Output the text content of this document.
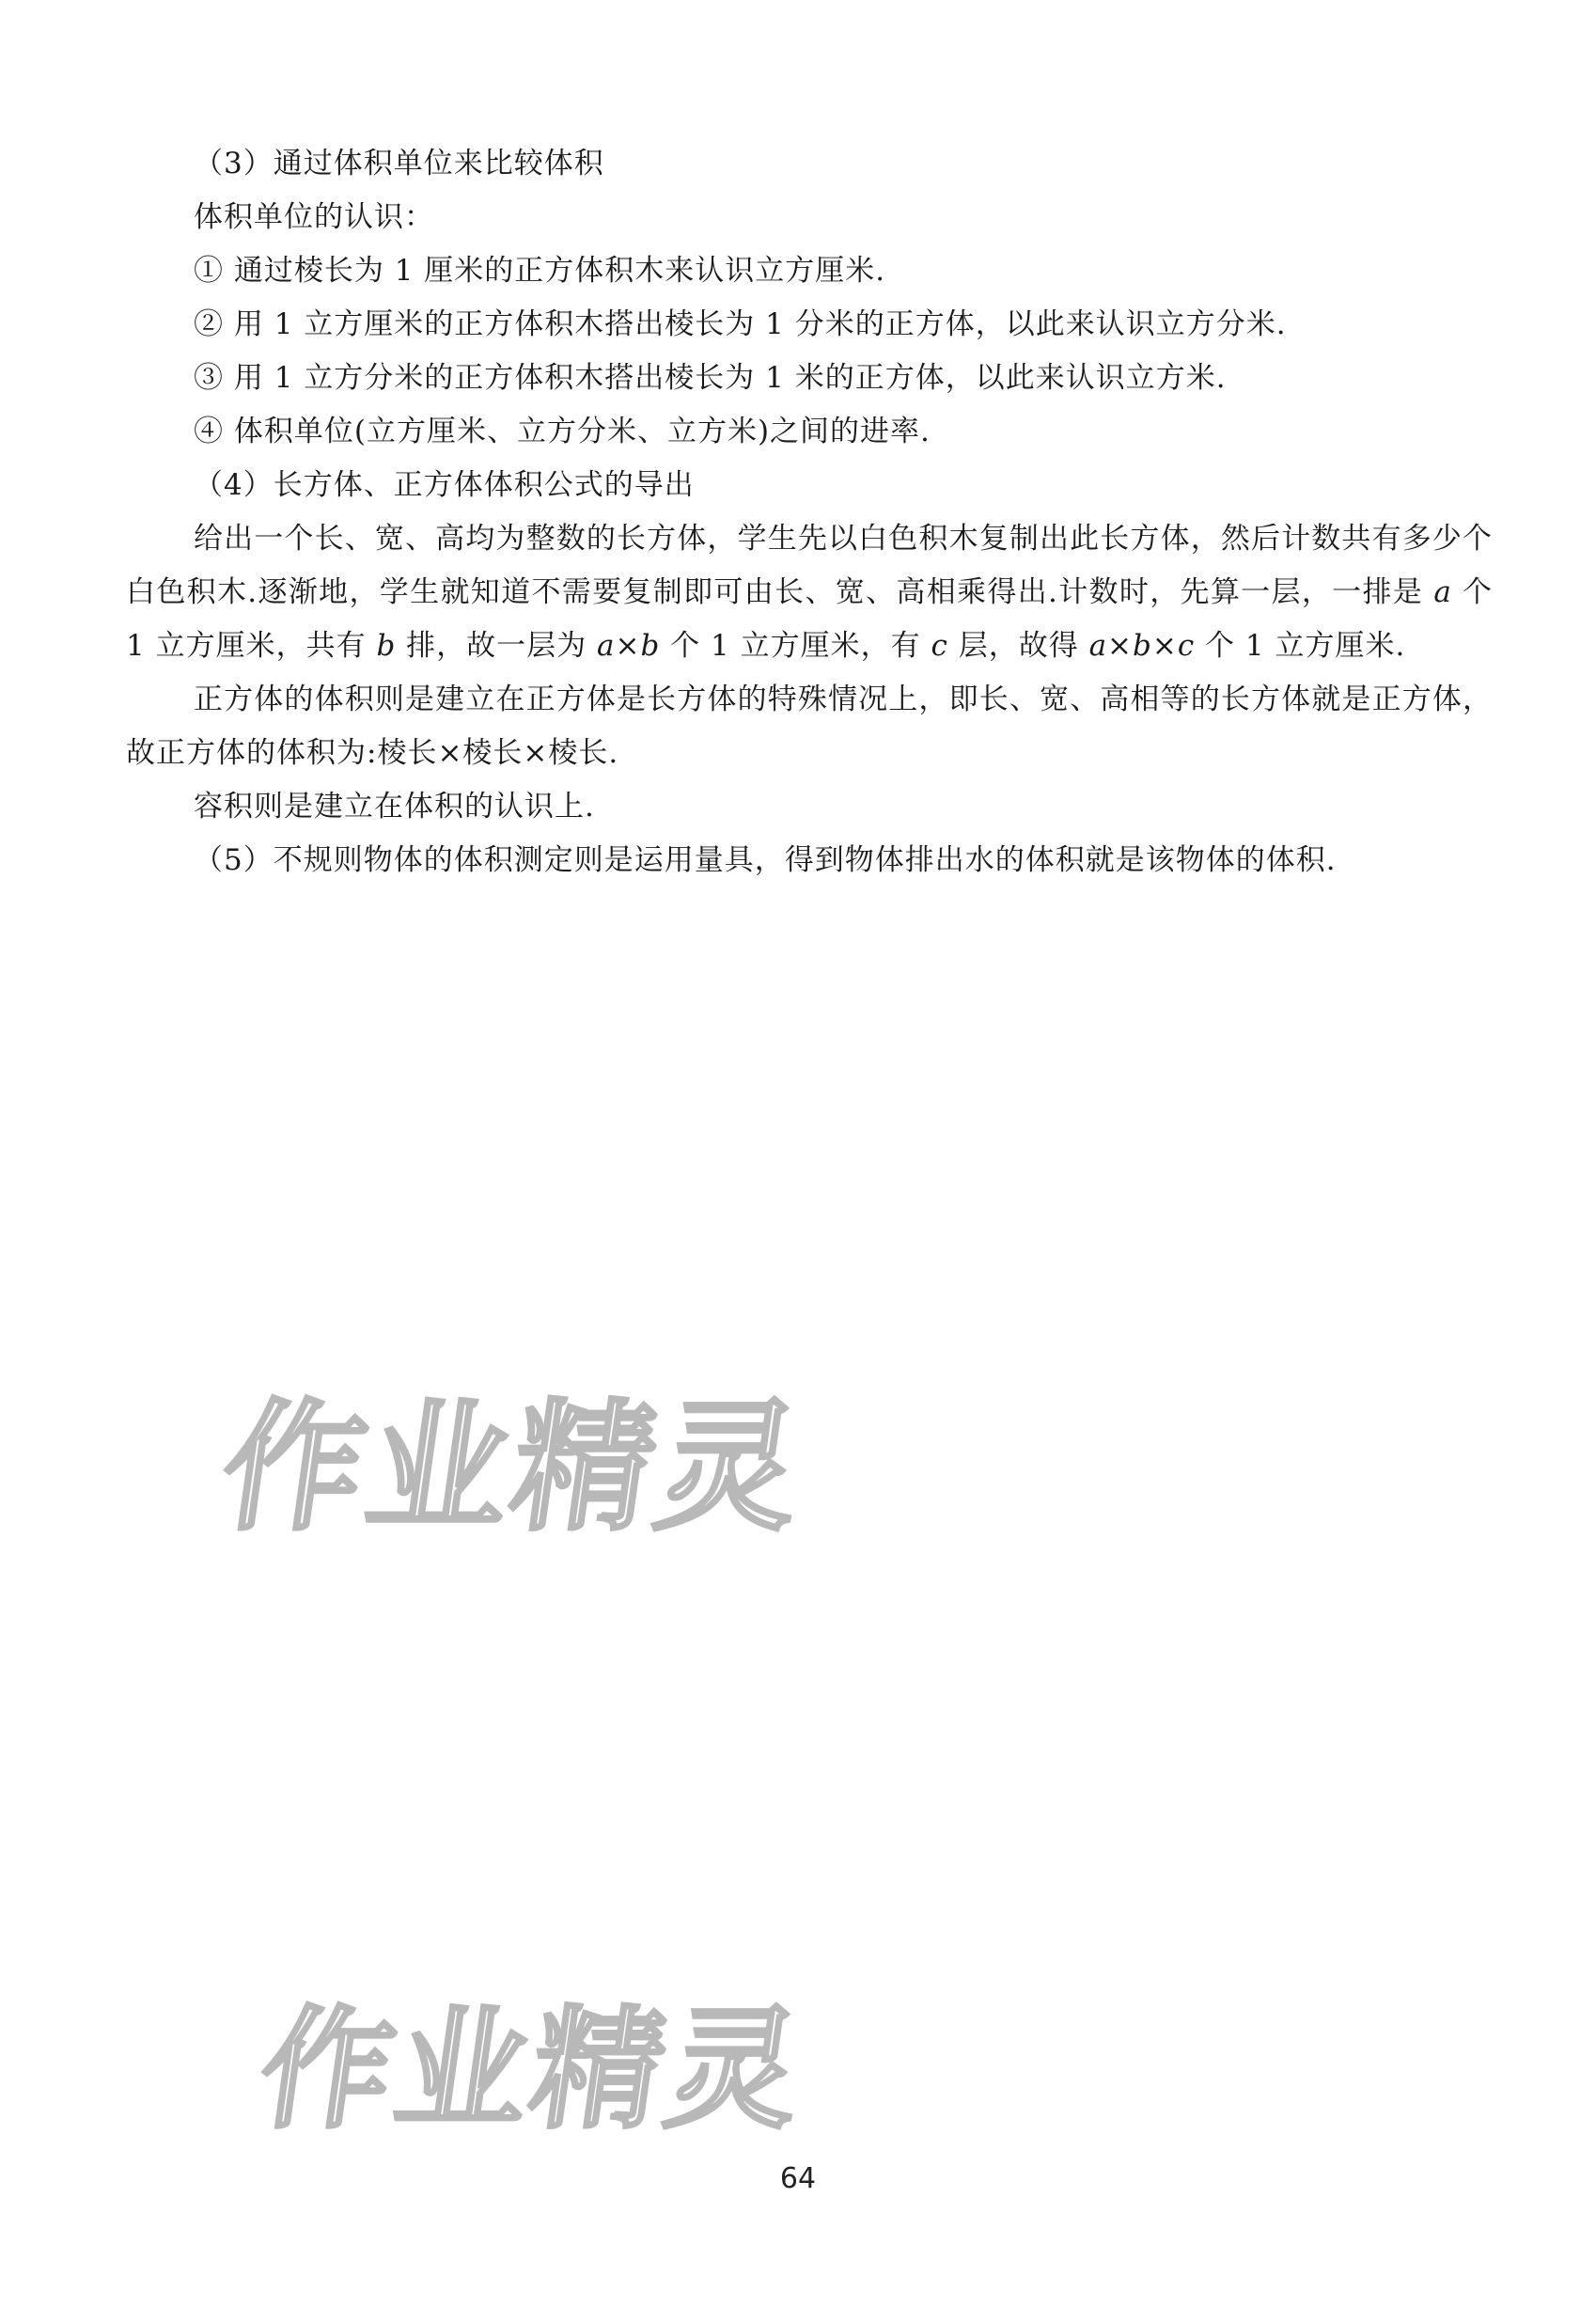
（3）通过体积单位来比较体积
体积单位的认识：
① 通过棱长为 1 厘米的正方体积木来认识立方厘米.
② 用 1 立方厘米的正方体积木搭出棱长为 1 分米的正方体，以此来认识立方分米.
③ 用 1 立方分米的正方体积木搭出棱长为 1 米的正方体，以此来认识立方米.
④ 体积单位(立方厘米、立方分米、立方米)之间的进率.
（4）长方体、正方体体积公式的导出
给出一个长、宽、高均为整数的长方体，学生先以白色积木复制出此长方体，然后计数共有多少个白色积木.逐渐地，学生就知道不需要复制即可由长、宽、高相乘得出.计数时，先算一层，一排是 a 个 1 立方厘米，共有 b 排，故一层为 a×b 个 1 立方厘米，有 c 层，故得 a×b×c 个 1 立方厘米.
正方体的体积则是建立在正方体是长方体的特殊情况上，即长、宽、高相等的长方体就是正方体，故正方体的体积为:棱长×棱长×棱长.
容积则是建立在体积的认识上.
（5）不规则物体的体积测定则是运用量具，得到物体排出水的体积就是该物体的体积.
作业精灵
作业精灵
64
